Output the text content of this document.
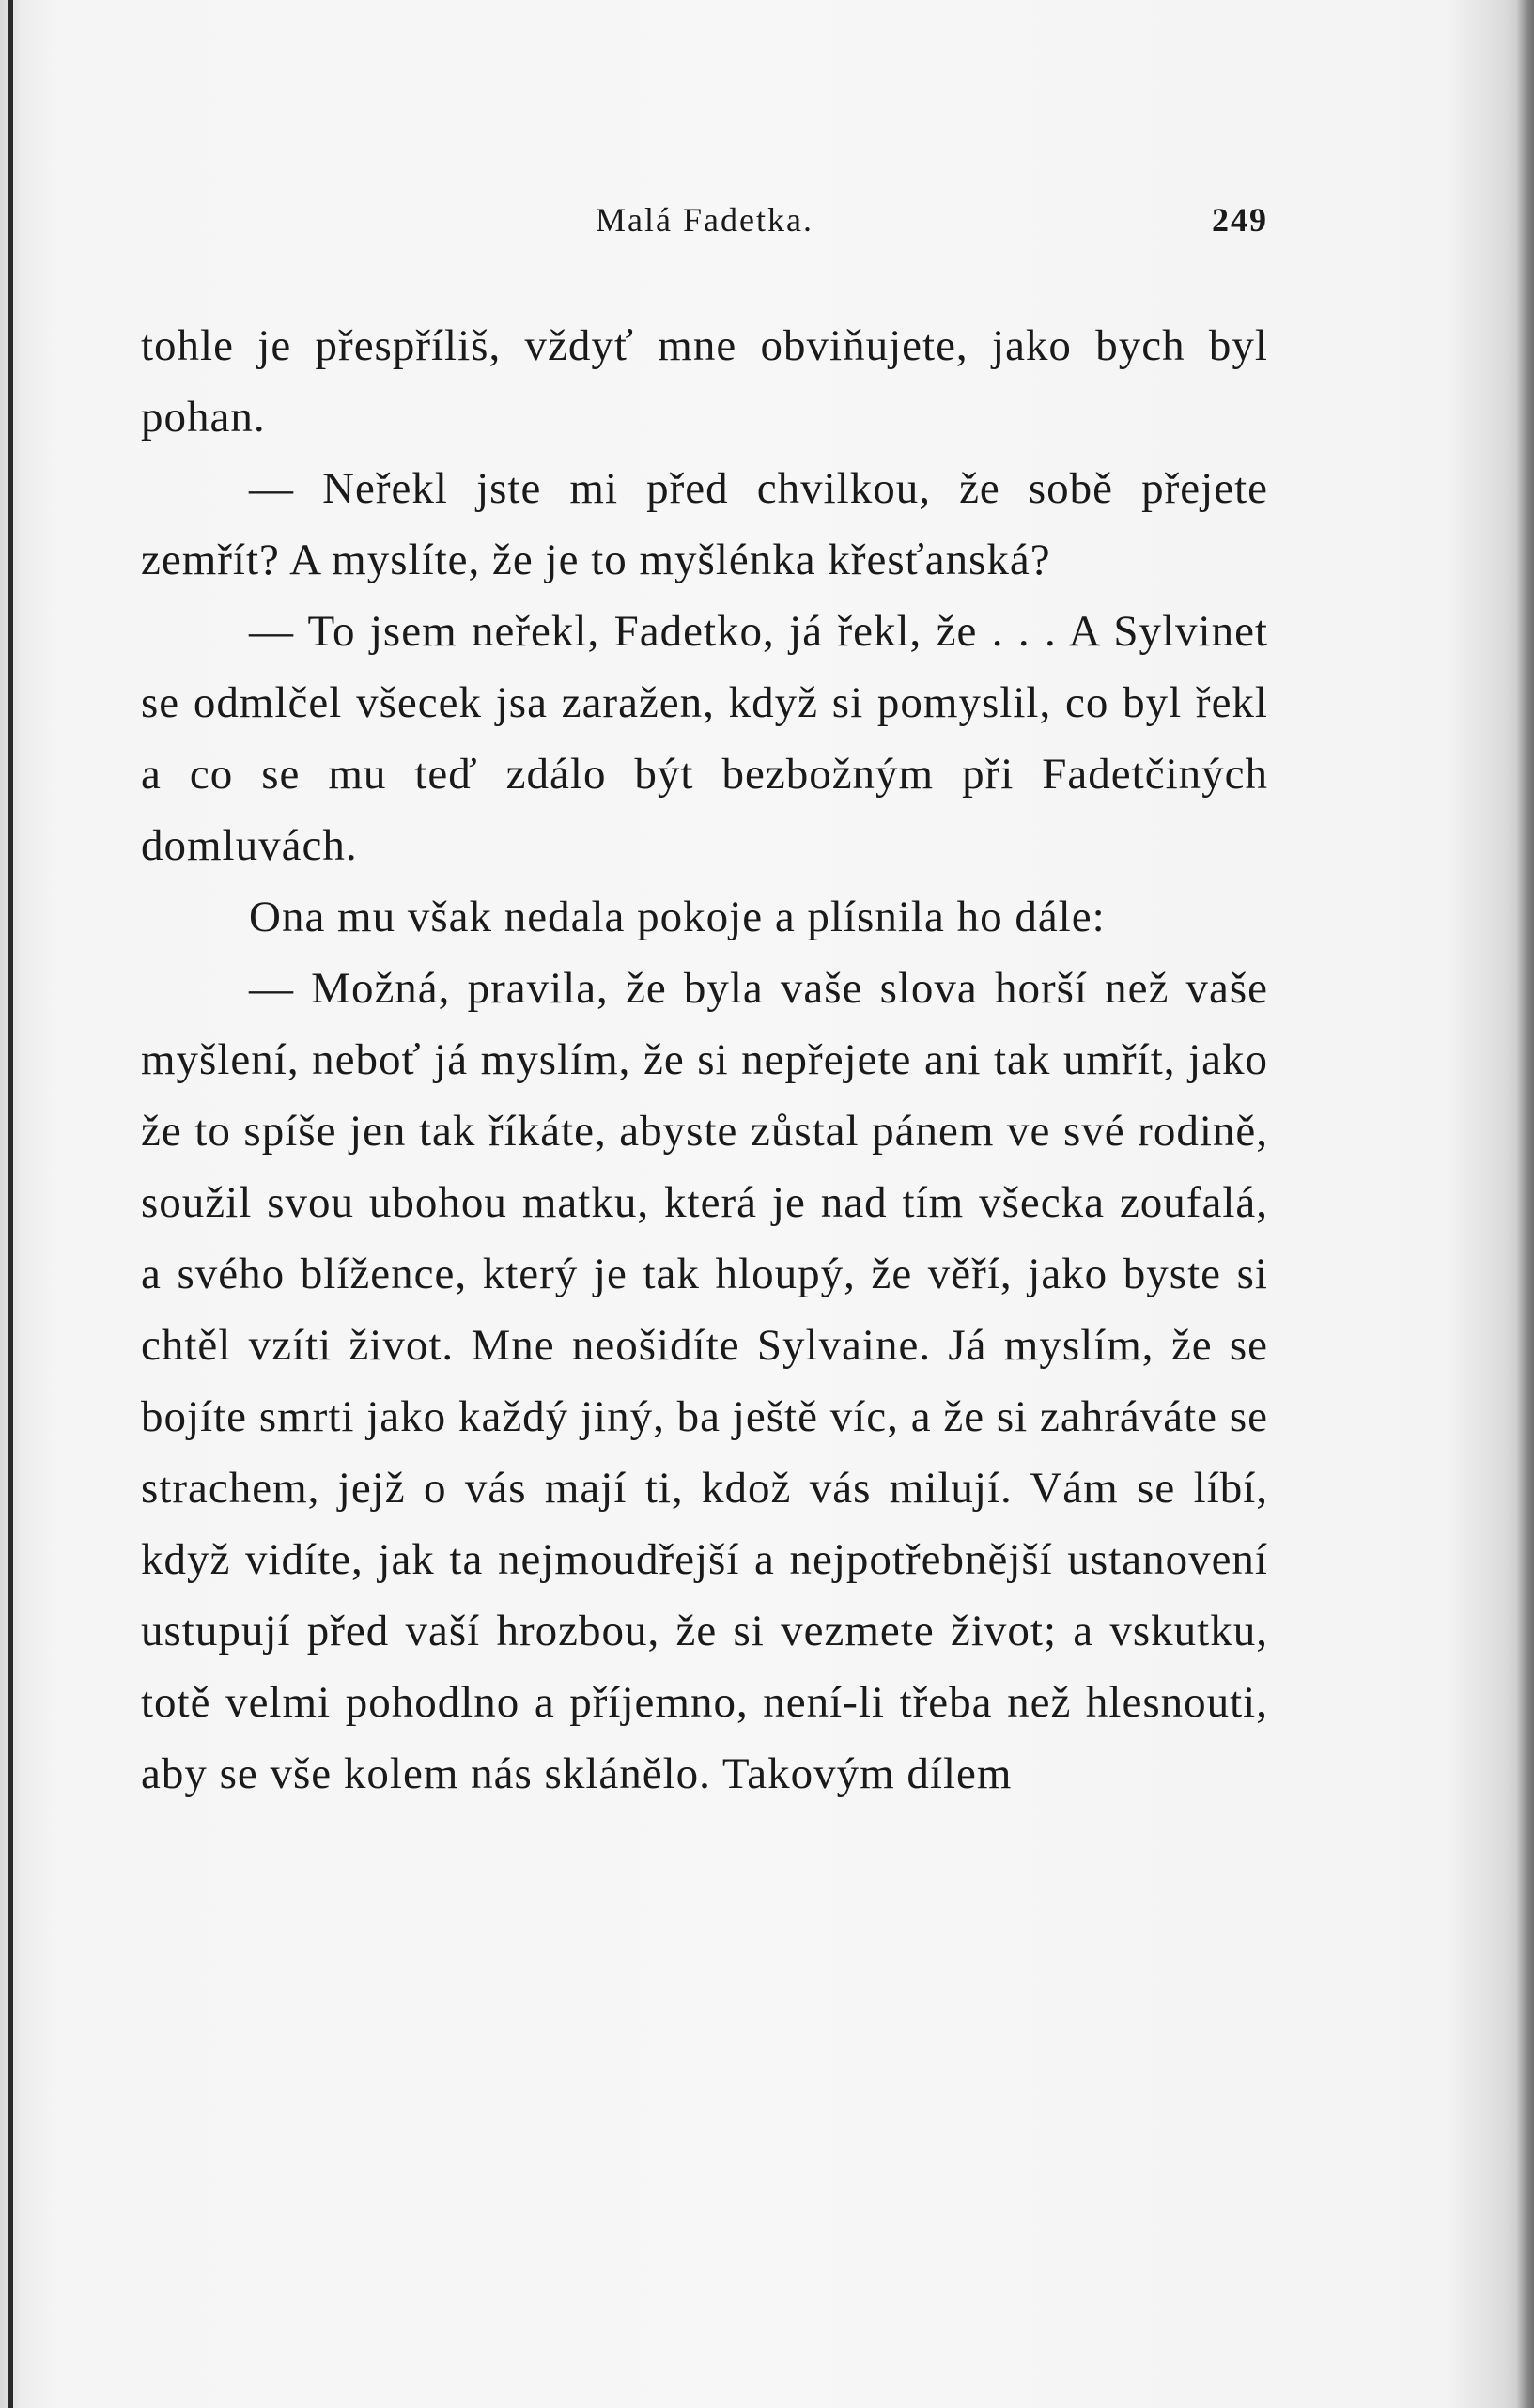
Malá Fadetka.	249

tohle je přespříliš, vždyť mne obviňujete, jako bych byl pohan.

— Neřekl jste mi před chvilkou, že sobě přejete zemřít? A myslíte, že je to myšlénka křesťanská?

— To jsem neřekl, Fadetko, já řekl, že . . . A Sylvinet se odmlčel všecek jsa zaražen, když si pomyslil, co byl řekl a co se mu teď zdálo být bezbožným při Fadetčiných domluvách.

Ona mu však nedala pokoje a plísnila ho dále:

— Možná, pravila, že byla vaše slova horší než vaše myšlení, neboť já myslím, že si nepřejete ani tak umřít, jako že to spíše jen tak říkáte, abyste zůstal pánem ve své rodině, soužil svou ubohou matku, která je nad tím všecka zoufalá, a svého blížence, který je tak hloupý, že věří, jako byste si chtěl vzíti život. Mne neošidíte Sylvaine. Já myslím, že se bojíte smrti jako každý jiný, ba ještě víc, a že si zahráváte se strachem, jejž o vás mají ti, kdož vás milují. Vám se líbí, když vidíte, jak ta nejmoudřejší a nejpotřebnější ustanovení ustupují před vaší hrozbou, že si vezmete život; a vskutku, totě velmi pohodlno a příjemno, není-li třeba než hlesnouti, aby se vše kolem nás sklánělo. Takovým dílem
